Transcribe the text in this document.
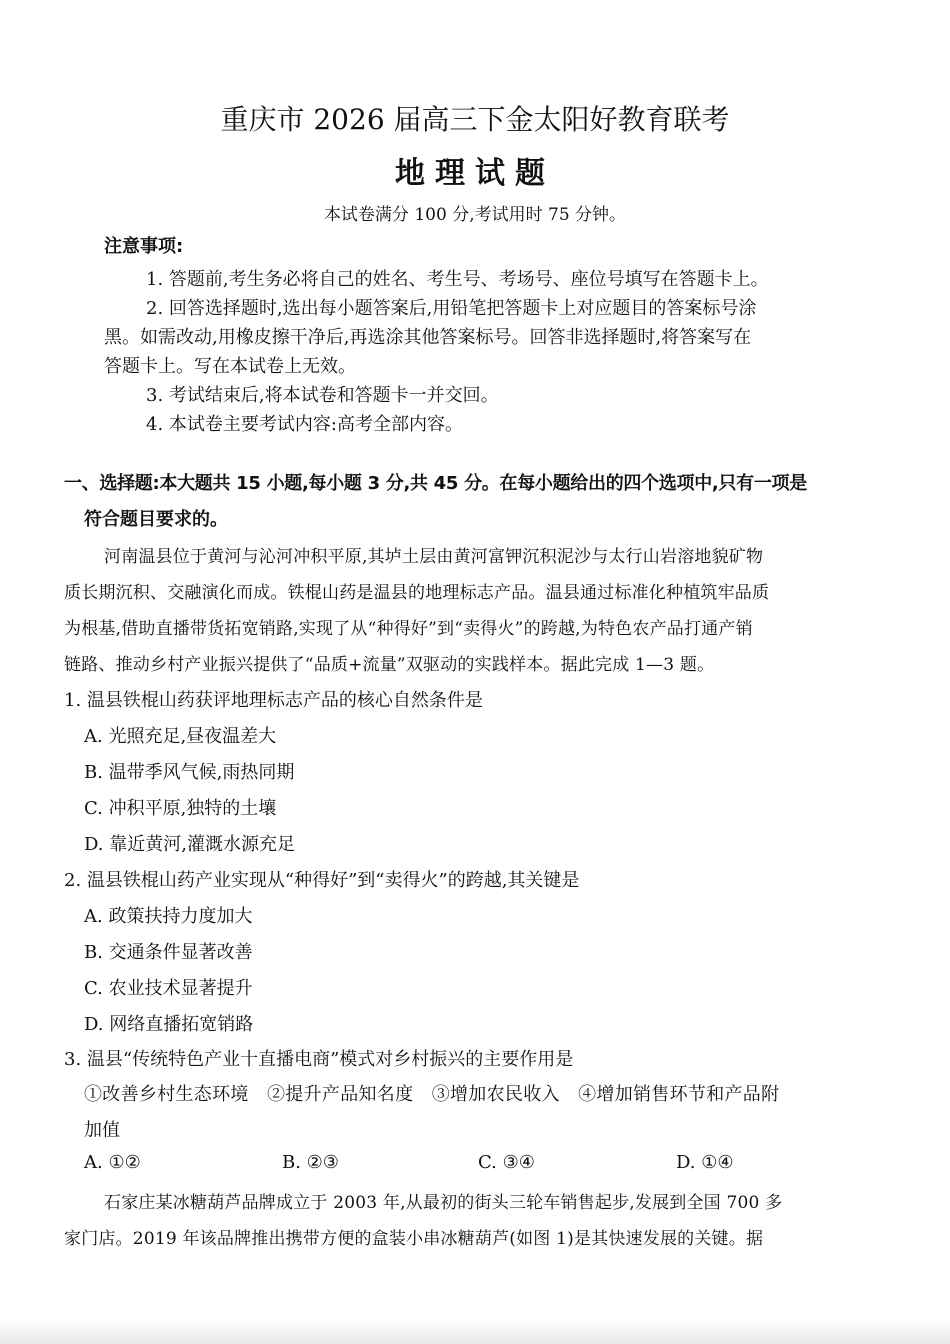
重庆市 2026 届高三下金太阳好教育联考
地理试题
本试卷满分 100 分,考试用时 75 分钟。
注意事项:
1. 答题前,考生务必将自己的姓名、考生号、考场号、座位号填写在答题卡上。
2. 回答选择题时,选出每小题答案后,用铅笔把答题卡上对应题目的答案标号涂
黑。如需改动,用橡皮擦干净后,再选涂其他答案标号。回答非选择题时,将答案写在
答题卡上。写在本试卷上无效。
3. 考试结束后,将本试卷和答题卡一并交回。
4. 本试卷主要考试内容:高考全部内容。
一、选择题:本大题共 15 小题,每小题 3 分,共 45 分。在每小题给出的四个选项中,只有一项是
符合题目要求的。
河南温县位于黄河与沁河冲积平原,其垆土层由黄河富钾沉积泥沙与太行山岩溶地貌矿物
质长期沉积、交融演化而成。铁棍山药是温县的地理标志产品。温县通过标准化种植筑牢品质
为根基,借助直播带货拓宽销路,实现了从“种得好”到“卖得火”的跨越,为特色农产品打通产销
链路、推动乡村产业振兴提供了“品质+流量”双驱动的实践样本。据此完成 1—3 题。
1. 温县铁棍山药获评地理标志产品的核心自然条件是
A. 光照充足,昼夜温差大
B. 温带季风气候,雨热同期
C. 冲积平原,独特的土壤
D. 靠近黄河,灌溉水源充足
2. 温县铁棍山药产业实现从“种得好”到“卖得火”的跨越,其关键是
A. 政策扶持力度加大
B. 交通条件显著改善
C. 农业技术显著提升
D. 网络直播拓宽销路
3. 温县“传统特色产业十直播电商”模式对乡村振兴的主要作用是
①改善乡村生态环境　②提升产品知名度　③增加农民收入　④增加销售环节和产品附
加值
A. ①②	B. ②③	C. ③④	D. ①④
石家庄某冰糖葫芦品牌成立于 2003 年,从最初的街头三轮车销售起步,发展到全国 700 多
家门店。2019 年该品牌推出携带方便的盒装小串冰糖葫芦(如图 1)是其快速发展的关键。据
